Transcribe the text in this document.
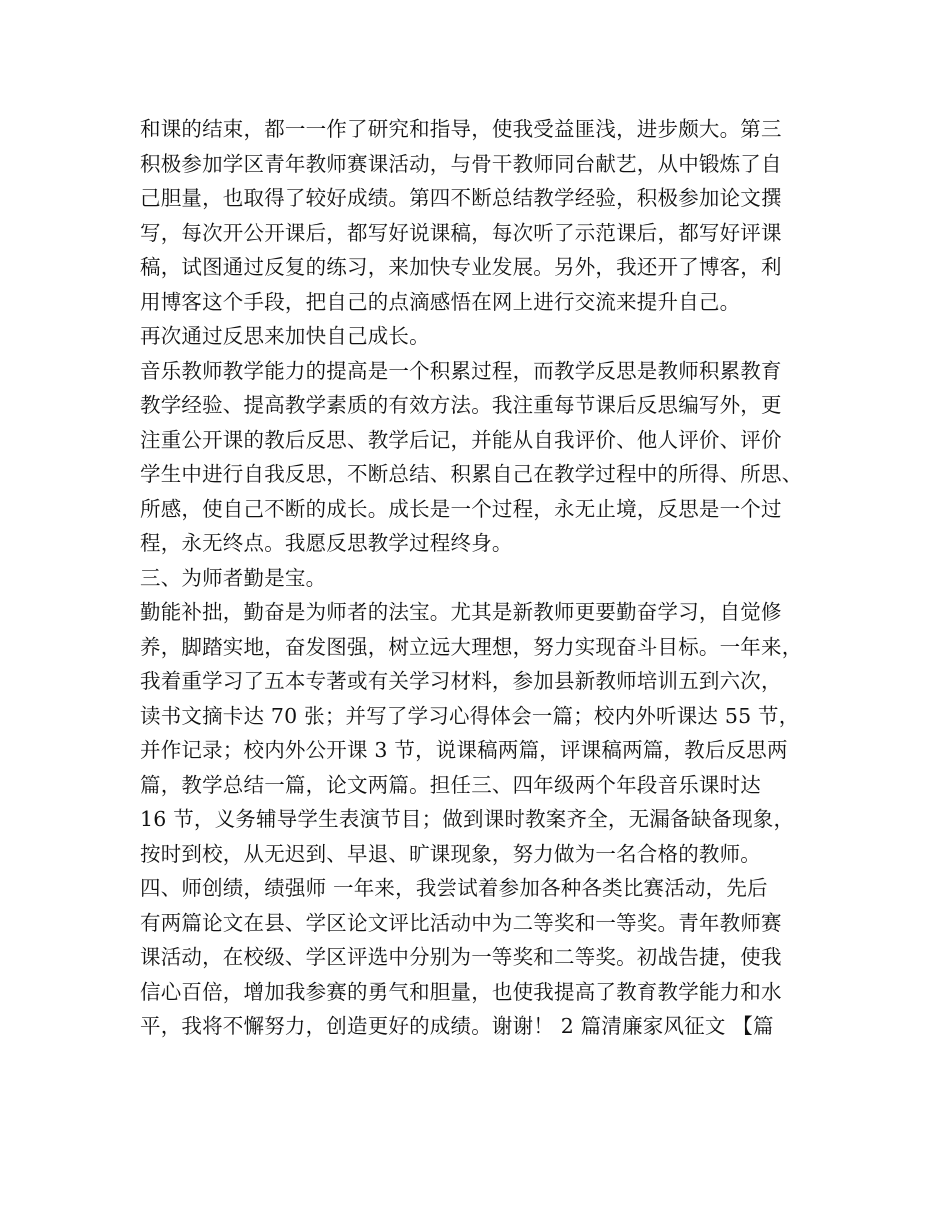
和课的结束，都一一作了研究和指导，使我受益匪浅，进步颇大。第三
积极参加学区青年教师赛课活动，与骨干教师同台献艺，从中锻炼了自
己胆量，也取得了较好成绩。第四不断总结教学经验，积极参加论文撰
写，每次开公开课后，都写好说课稿，每次听了示范课后，都写好评课
稿，试图通过反复的练习，来加快专业发展。另外，我还开了博客，利
用博客这个手段，把自己的点滴感悟在网上进行交流来提升自己。
再次通过反思来加快自己成长。
音乐教师教学能力的提高是一个积累过程，而教学反思是教师积累教育
教学经验、提高教学素质的有效方法。我注重每节课后反思编写外，更
注重公开课的教后反思、教学后记，并能从自我评价、他人评价、评价
学生中进行自我反思，不断总结、积累自己在教学过程中的所得、所思、
所感，使自己不断的成长。成长是一个过程，永无止境，反思是一个过
程，永无终点。我愿反思教学过程终身。
三、为师者勤是宝。
勤能补拙，勤奋是为师者的法宝。尤其是新教师更要勤奋学习，自觉修
养，脚踏实地，奋发图强，树立远大理想，努力实现奋斗目标。一年来，
我着重学习了五本专著或有关学习材料，参加县新教师培训五到六次，
读书文摘卡达 70 张；并写了学习心得体会一篇；校内外听课达 55 节，
并作记录；校内外公开课 3 节，说课稿两篇，评课稿两篇，教后反思两
篇，教学总结一篇，论文两篇。担任三、四年级两个年段音乐课时达
16 节，义务辅导学生表演节目；做到课时教案齐全，无漏备缺备现象，
按时到校，从无迟到、早退、旷课现象，努力做为一名合格的教师。
四、师创绩，绩强师 一年来，我尝试着参加各种各类比赛活动，先后
有两篇论文在县、学区论文评比活动中为二等奖和一等奖。青年教师赛
课活动，在校级、学区评选中分别为一等奖和二等奖。初战告捷，使我
信心百倍，增加我参赛的勇气和胆量，也使我提高了教育教学能力和水
平，我将不懈努力，创造更好的成绩。谢谢！ 2 篇清廉家风征文 【篇
